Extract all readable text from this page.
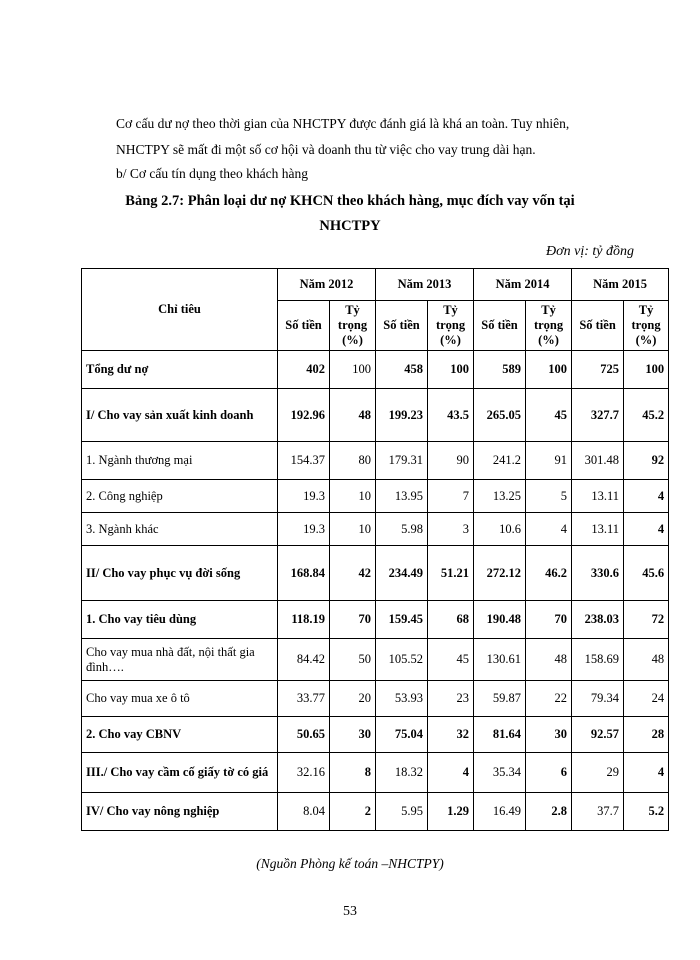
Cơ cấu dư nợ theo thời gian của NHCTPY được đánh giá là khá an toàn. Tuy nhiên,
NHCTPY sẽ mất đi một số cơ hội và doanh thu từ việc cho vay trung dài hạn.
b/ Cơ cấu tín dụng theo khách hàng
Bảng 2.7: Phân loại dư nợ KHCN theo khách hàng, mục đích vay vốn tại
NHCTPY
Đơn vị: tỷ đồng
Chỉ tiêu	Năm 2012		Năm 2013		Năm 2014		Năm 2015	
	Số tiền	Tỷ trọng (%)	Số tiền	Tỷ trọng (%)	Số tiền	Tỷ trọng (%)	Số tiền	Tỷ trọng (%)
Tổng dư nợ	402	100	458	100	589	100	725	100
I/ Cho vay sản xuất kinh doanh	192.96	48	199.23	43.5	265.05	45	327.7	45.2
1. Ngành thương mại	154.37	80	179.31	90	241.2	91	301.48	92
2. Công nghiệp	19.3	10	13.95	7	13.25	5	13.11	4
3. Ngành khác	19.3	10	5.98	3	10.6	4	13.11	4
II/ Cho vay phục vụ đời sống	168.84	42	234.49	51.21	272.12	46.2	330.6	45.6
1. Cho vay tiêu dùng	118.19	70	159.45	68	190.48	70	238.03	72
Cho vay mua nhà đất, nội thất gia đình….	84.42	50	105.52	45	130.61	48	158.69	48
Cho vay mua xe ô tô	33.77	20	53.93	23	59.87	22	79.34	24
2. Cho vay CBNV	50.65	30	75.04	32	81.64	30	92.57	28
III./ Cho vay cầm cố giấy tờ có giá	32.16	8	18.32	4	35.34	6	29	4
IV/ Cho vay nông nghiệp	8.04	2	5.95	1.29	16.49	2.8	37.7	5.2
(Nguồn Phòng kế toán –NHCTPY)
53
